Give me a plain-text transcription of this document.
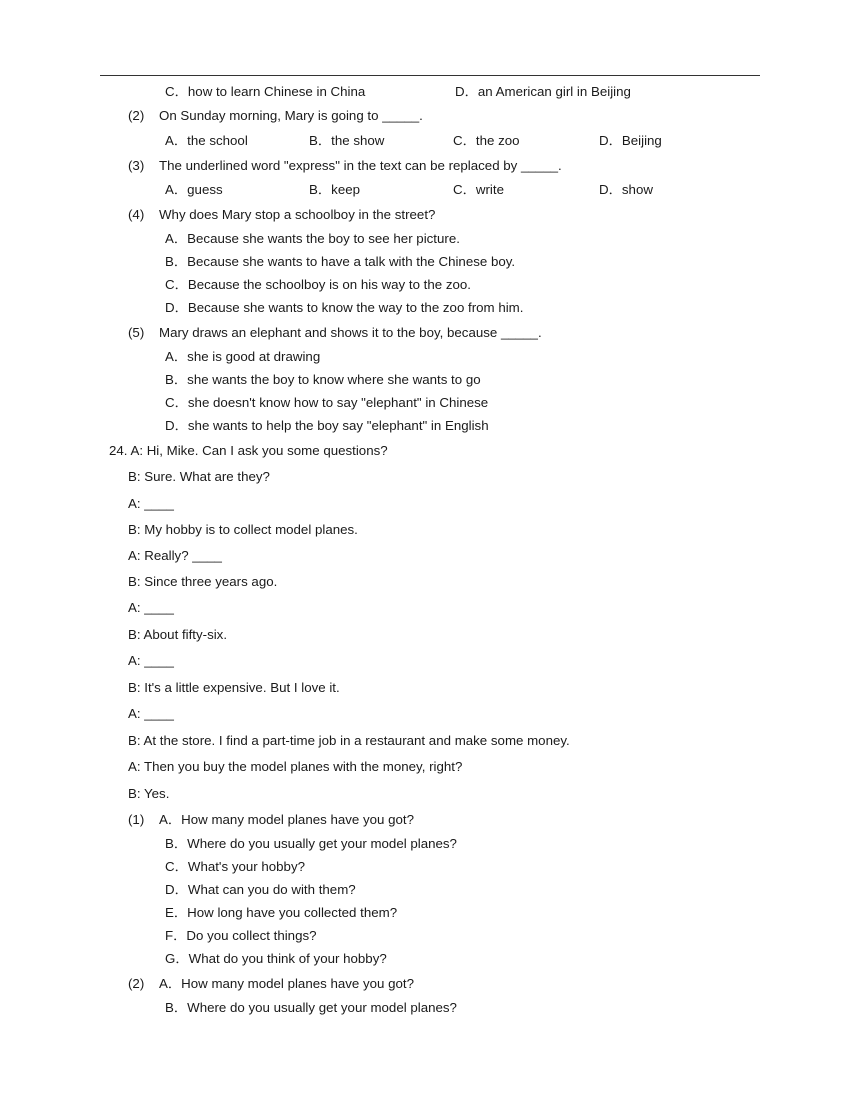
C．how to learn Chinese in China	D．an American girl in Beijing
(2) On Sunday morning, Mary is going to _____.
A．the school	B．the show	C．the zoo	D．Beijing
(3) The underlined word "express" in the text can be replaced by _____.
A．guess	B．keep	C．write	D．show
(4) Why does Mary stop a schoolboy in the street?
A．Because she wants the boy to see her picture.
B．Because she wants to have a talk with the Chinese boy.
C．Because the schoolboy is on his way to the zoo.
D．Because she wants to know the way to the zoo from him.
(5) Mary draws an elephant and shows it to the boy, because _____.
A．she is good at drawing
B．she wants the boy to know where she wants to go
C．she doesn't know how to say "elephant" in Chinese
D．she wants to help the boy say "elephant" in English
24. A: Hi, Mike. Can I ask you some questions?
B: Sure. What are they?
A: ____
B: My hobby is to collect model planes.
A: Really? ____
B: Since three years ago.
A: ____
B: About fifty-six.
A: ____
B: It's a little expensive. But I love it.
A: ____
B: At the store. I find a part-time job in a restaurant and make some money.
A: Then you buy the model planes with the money, right?
B: Yes.
(1) A．How many model planes have you got?
B．Where do you usually get your model planes?
C．What's your hobby?
D．What can you do with them?
E．How long have you collected them?
F．Do you collect things?
G．What do you think of your hobby?
(2) A．How many model planes have you got?
B．Where do you usually get your model planes?
